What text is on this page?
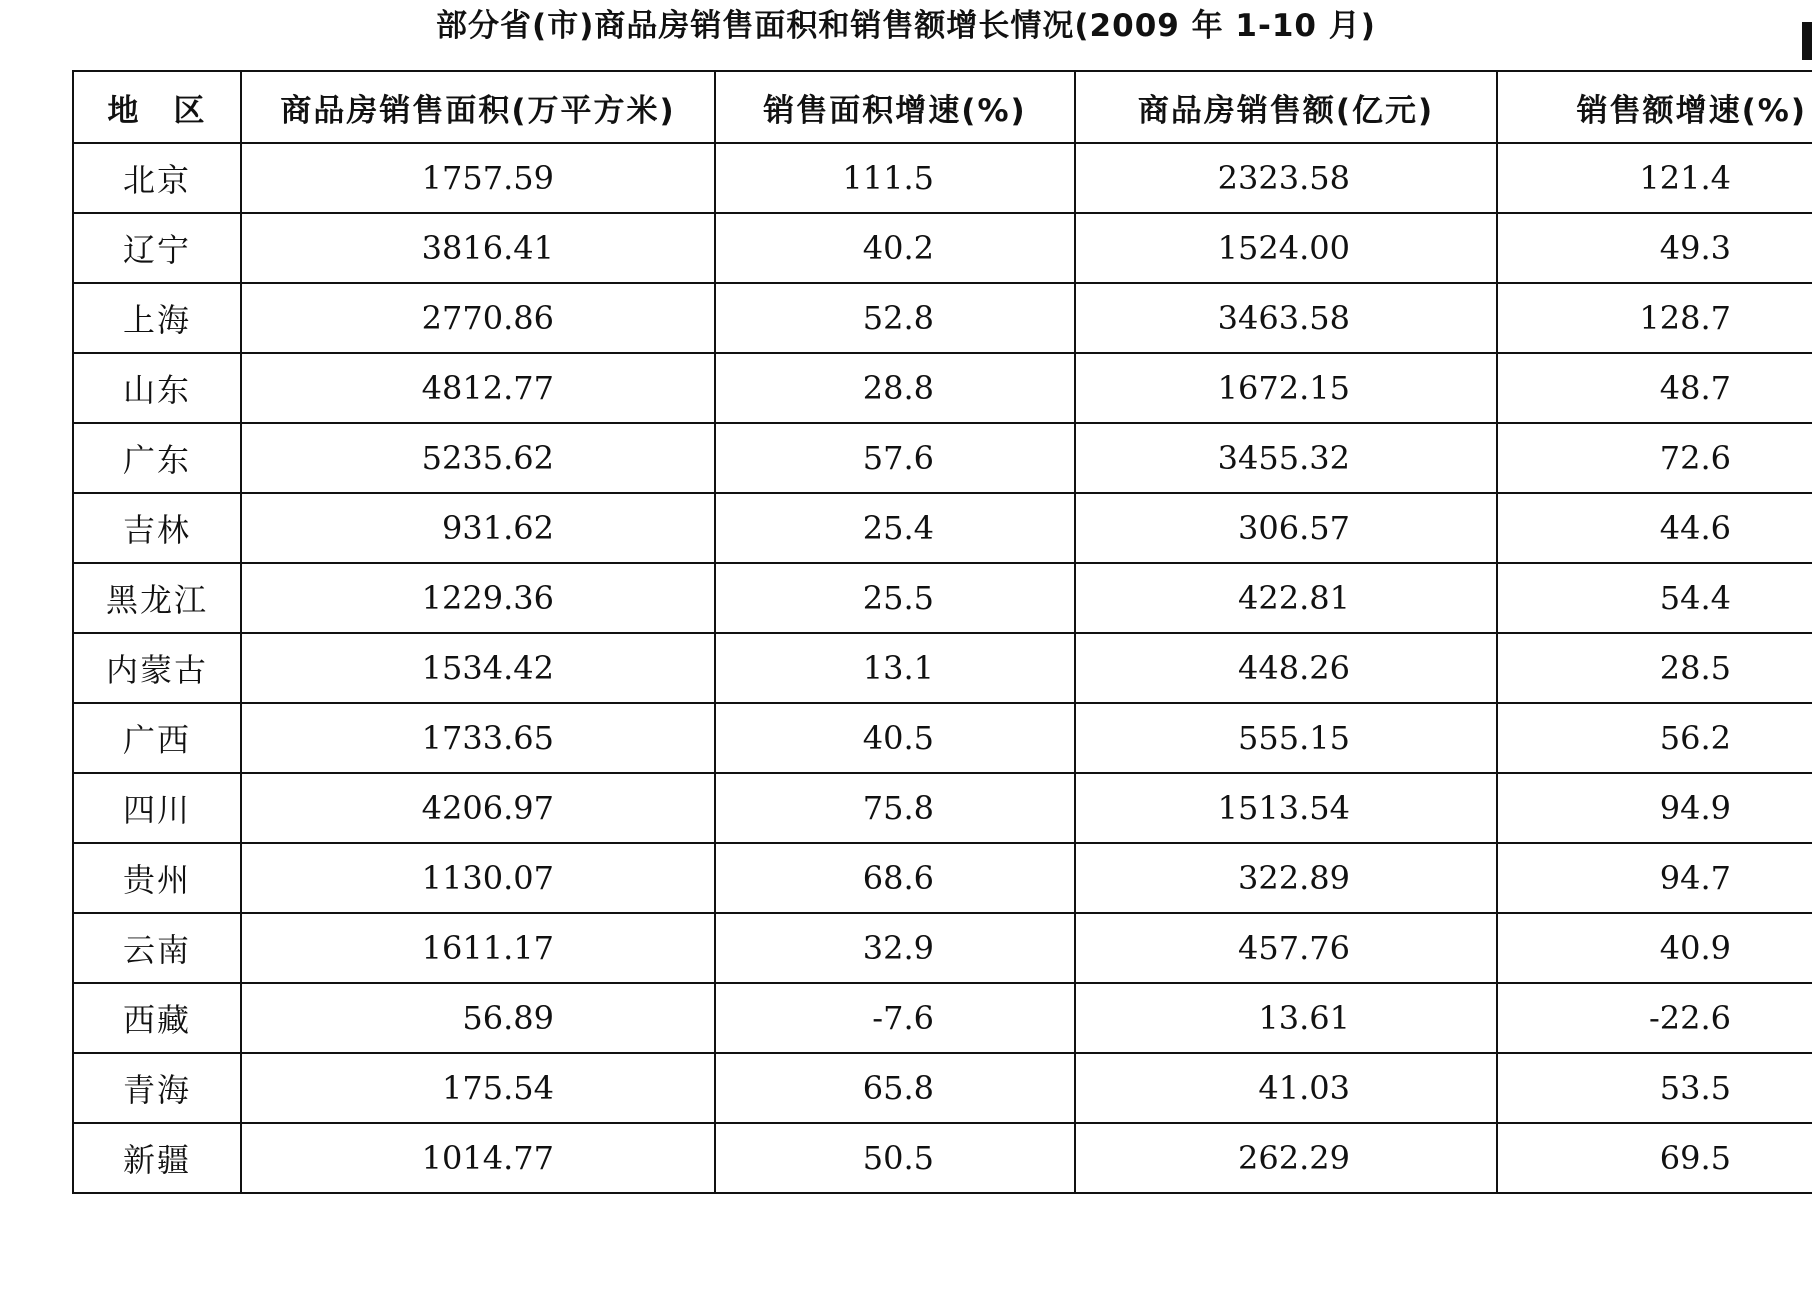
部分省(市)商品房销售面积和销售额增长情况(2009 年 1-10 月)
地　区	商品房销售面积(万平方米)	销售面积增速(%)	商品房销售额(亿元)	销售额增速(%)
北京	1757.59	111.5	2323.58	121.4
辽宁	3816.41	40.2	1524.00	49.3
上海	2770.86	52.8	3463.58	128.7
山东	4812.77	28.8	1672.15	48.7
广东	5235.62	57.6	3455.32	72.6
吉林	931.62	25.4	306.57	44.6
黑龙江	1229.36	25.5	422.81	54.4
内蒙古	1534.42	13.1	448.26	28.5
广西	1733.65	40.5	555.15	56.2
四川	4206.97	75.8	1513.54	94.9
贵州	1130.07	68.6	322.89	94.7
云南	1611.17	32.9	457.76	40.9
西藏	56.89	-7.6	13.61	-22.6
青海	175.54	65.8	41.03	53.5
新疆	1014.77	50.5	262.29	69.5
